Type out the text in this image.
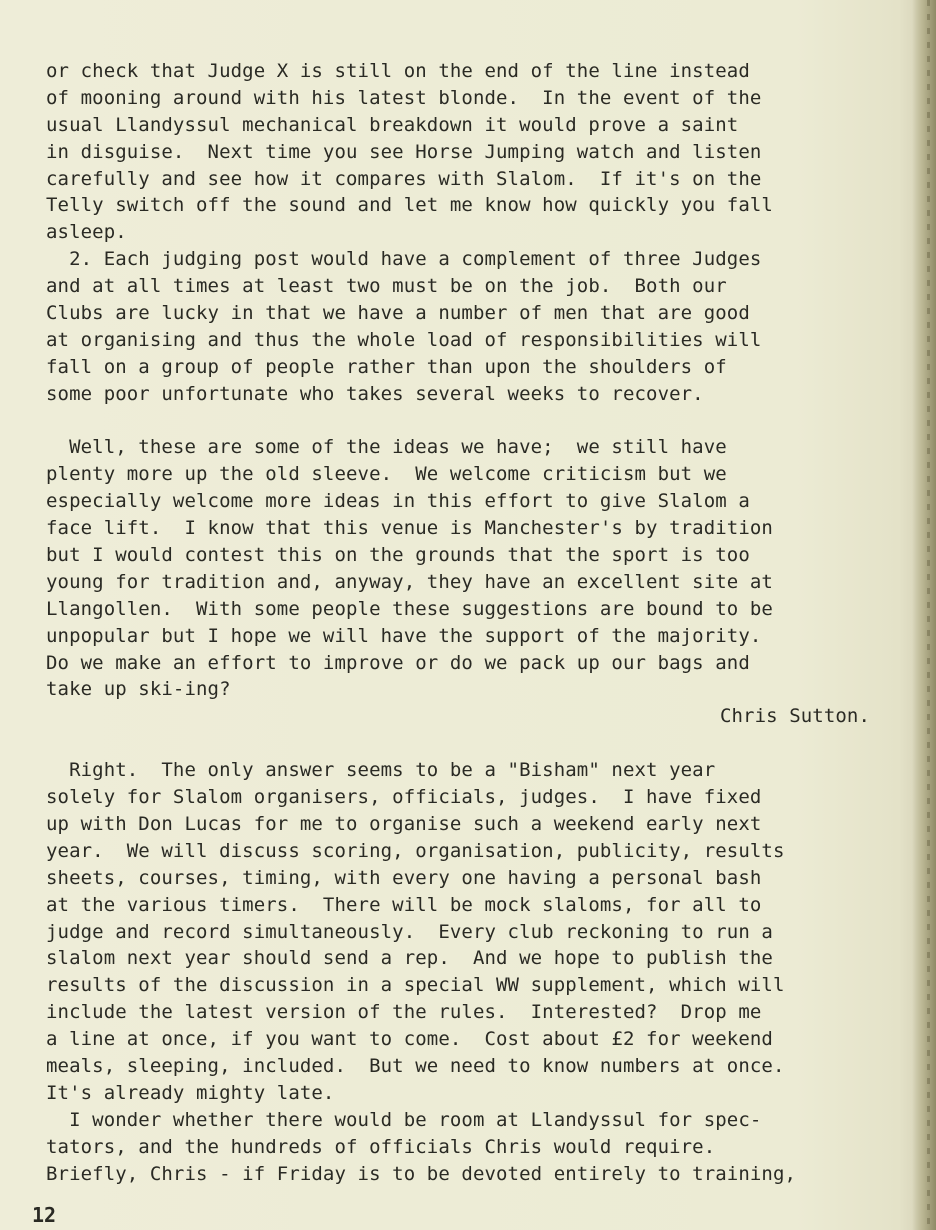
or check that Judge X is still on the end of the line instead
of mooning around with his latest blonde.  In the event of the
usual Llandyssul mechanical breakdown it would prove a saint
in disguise.  Next time you see Horse Jumping watch and listen
carefully and see how it compares with Slalom.  If it's on the
Telly switch off the sound and let me know how quickly you fall
asleep.
2. Each judging post would have a complement of three Judges
and at all times at least two must be on the job.  Both our
Clubs are lucky in that we have a number of men that are good
at organising and thus the whole load of responsibilities will
fall on a group of people rather than upon the shoulders of
some poor unfortunate who takes several weeks to recover.
Well, these are some of the ideas we have;  we still have
plenty more up the old sleeve.  We welcome criticism but we
especially welcome more ideas in this effort to give Slalom a
face lift.  I know that this venue is Manchester's by tradition
but I would contest this on the grounds that the sport is too
young for tradition and, anyway, they have an excellent site at
Llangollen.  With some people these suggestions are bound to be
unpopular but I hope we will have the support of the majority.
Do we make an effort to improve or do we pack up our bags and
take up ski-ing?
Chris Sutton.
Right.  The only answer seems to be a "Bisham" next year
solely for Slalom organisers, officials, judges.  I have fixed
up with Don Lucas for me to organise such a weekend early next
year.  We will discuss scoring, organisation, publicity, results
sheets, courses, timing, with every one having a personal bash
at the various timers.  There will be mock slaloms, for all to
judge and record simultaneously.  Every club reckoning to run a
slalom next year should send a rep.  And we hope to publish the
results of the discussion in a special WW supplement, which will
include the latest version of the rules.  Interested?  Drop me
a line at once, if you want to come.  Cost about £2 for weekend
meals, sleeping, included.  But we need to know numbers at once.
It's already mighty late.
I wonder whether there would be room at Llandyssul for spec-
tators, and the hundreds of officials Chris would require.
Briefly, Chris - if Friday is to be devoted entirely to training,
12
